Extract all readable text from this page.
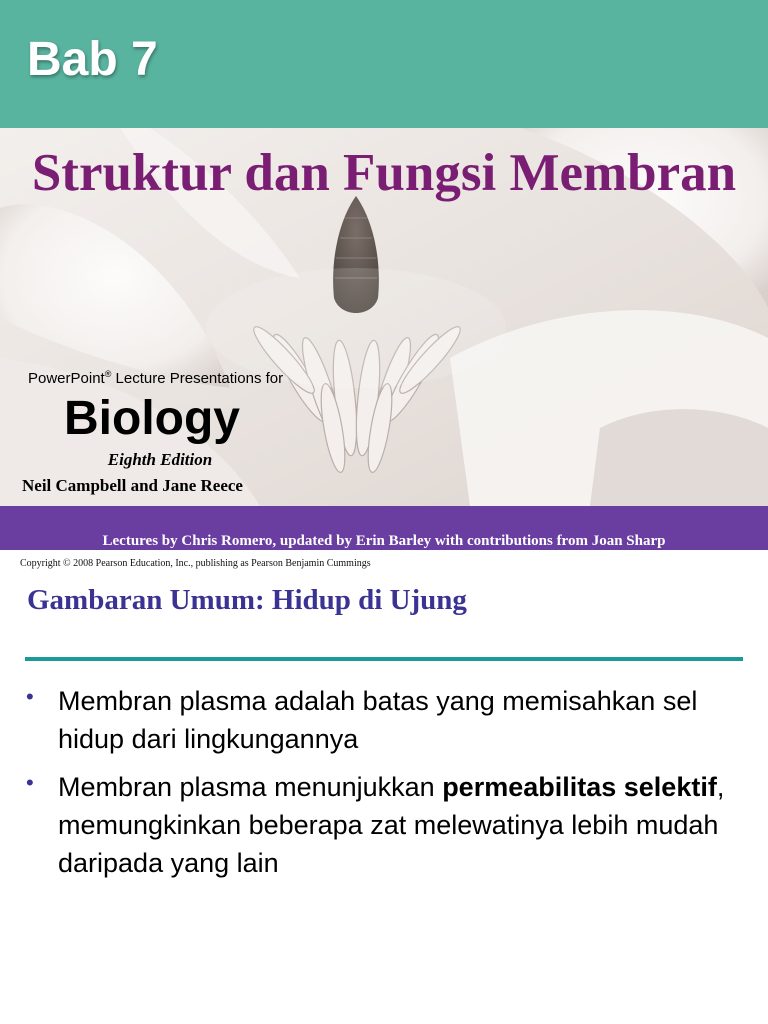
Bab 7
Struktur dan Fungsi Membran
PowerPoint® Lecture Presentations for
Biology
Eighth Edition
Neil Campbell and Jane Reece
Lectures by Chris Romero, updated by Erin Barley with contributions from Joan Sharp
Copyright © 2008 Pearson Education, Inc., publishing as Pearson Benjamin Cummings
Gambaran Umum: Hidup di Ujung
• Membran plasma adalah batas yang memisahkan sel hidup dari lingkungannya
• Membran plasma menunjukkan permeabilitas selektif, memungkinkan beberapa zat melewatinya lebih mudah daripada yang lain
